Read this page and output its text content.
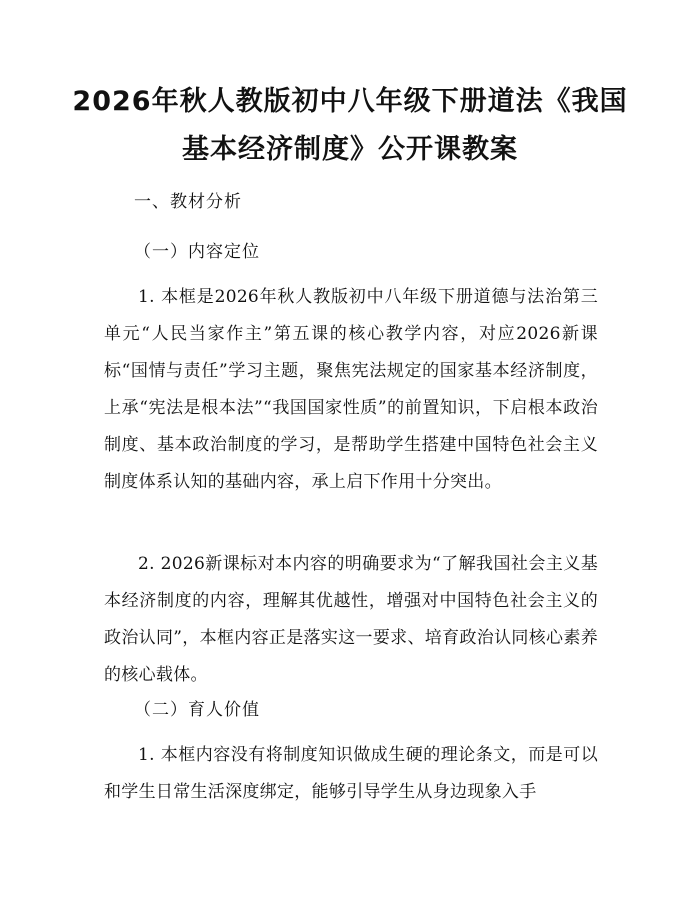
2026年秋人教版初中八年级下册道法《我国
基本经济制度》公开课教案
一、教材分析
（一）内容定位
1. 本框是2026年秋人教版初中八年级下册道德与法治第三单元“人民当家作主”第五课的核心教学内容，对应2026新课标“国情与责任”学习主题，聚焦宪法规定的国家基本经济制度，上承“宪法是根本法”“我国国家性质”的前置知识，下启根本政治制度、基本政治制度的学习，是帮助学生搭建中国特色社会主义制度体系认知的基础内容，承上启下作用十分突出。
2. 2026新课标对本内容的明确要求为“了解我国社会主义基本经济制度的内容，理解其优越性，增强对中国特色社会主义的政治认同”，本框内容正是落实这一要求、培育政治认同核心素养的核心载体。
（二）育人价值
1. 本框内容没有将制度知识做成生硬的理论条文，而是可以和学生日常生活深度绑定，能够引导学生从身边现象入手
